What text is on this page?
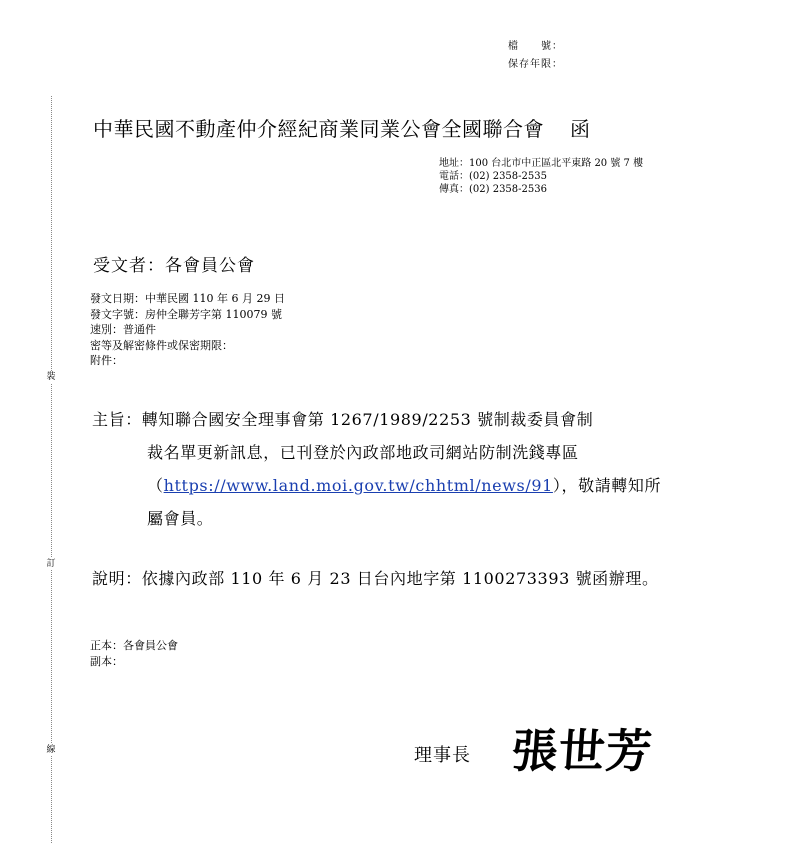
檔　　號：
保存年限：
裝
訂
線
中華民國不動產仲介經紀商業同業公會全國聯合會 函
地址：100 台北市中正區北平東路 20 號 7 樓
電話：(02) 2358-2535
傳真：(02) 2358-2536
受文者：各會員公會
發文日期：中華民國 110 年 6 月 29 日
發文字號：房仲全聯芳字第 110079 號
速別：普通件
密等及解密條件或保密期限：
附件：
主旨：轉知聯合國安全理事會第 1267/1989/2253 號制裁委員會制
裁名單更新訊息，已刊登於內政部地政司網站防制洗錢專區
（https://www.land.moi.gov.tw/chhtml/news/91），敬請轉知所
屬會員。
說明：依據內政部 110 年 6 月 23 日台內地字第 1100273393 號函辦理。
正本：各會員公會
副本：
理事長 張世芳
